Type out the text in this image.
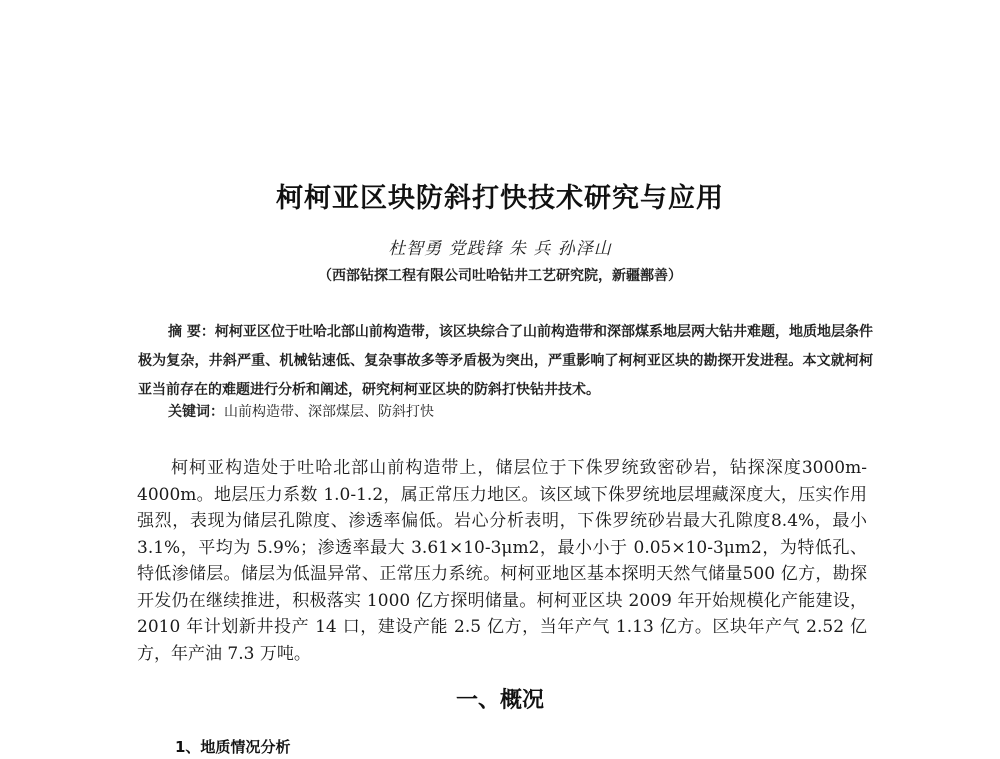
柯柯亚区块防斜打快技术研究与应用
杜智勇 党践锋 朱 兵 孙泽山
（西部钻探工程有限公司吐哈钻井工艺研究院，新疆鄯善）
摘 要：柯柯亚区位于吐哈北部山前构造带，该区块综合了山前构造带和深部煤系地层两大钻井难题，地质地层条件极为复杂，井斜严重、机械钻速低、复杂事故多等矛盾极为突出，严重影响了柯柯亚区块的勘探开发进程。本文就柯柯亚当前存在的难题进行分析和阐述，研究柯柯亚区块的防斜打快钻井技术。
关键词：山前构造带、深部煤层、防斜打快
柯柯亚构造处于吐哈北部山前构造带上，储层位于下侏罗统致密砂岩，钻探深度3000m-4000m。地层压力系数 1.0-1.2，属正常压力地区。该区域下侏罗统地层埋藏深度大，压实作用强烈，表现为储层孔隙度、渗透率偏低。岩心分析表明，下侏罗统砂岩最大孔隙度8.4%，最小 3.1%，平均为 5.9%；渗透率最大 3.61×10-3μm2，最小小于 0.05×10-3μm2，为特低孔、特低渗储层。储层为低温异常、正常压力系统。柯柯亚地区基本探明天然气储量500 亿方，勘探开发仍在继续推进，积极落实 1000 亿方探明储量。柯柯亚区块 2009 年开始规模化产能建设，2010 年计划新井投产 14 口，建设产能 2.5 亿方，当年产气 1.13 亿方。区块年产气 2.52 亿方，年产油 7.3 万吨。
一、概况
1、地质情况分析
